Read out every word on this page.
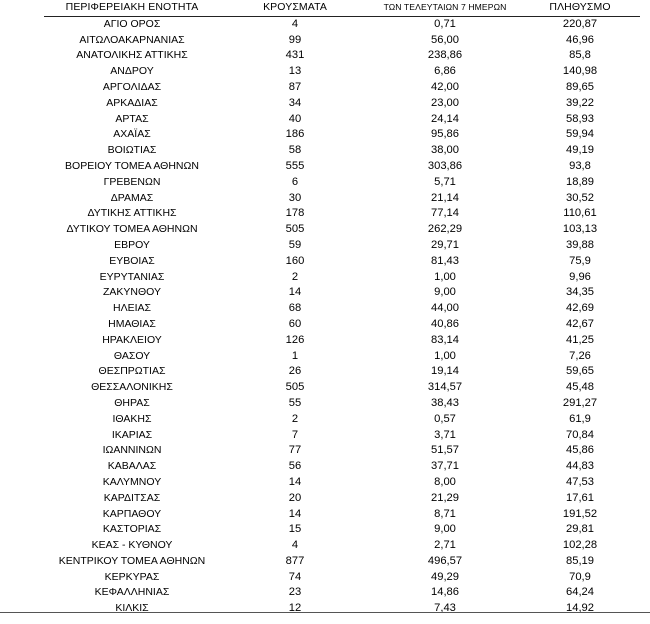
ΠΕΡΙΦΕΡΕΙΑΚΗ ΕΝΟΤΗΤΑ	ΚΡΟΥΣΜΑΤΑ	ΤΩΝ ΤΕΛΕΥΤΑΙΩΝ 7 ΗΜΕΡΩΝ	ΠΛΗΘΥΣΜΟ
ΑΓΙΟ ΟΡΟΣ	4	0,71	220,87
ΑΙΤΩΛΟΑΚΑΡΝΑΝΙΑΣ	99	56,00	46,96
ΑΝΑΤΟΛΙΚΗΣ ΑΤΤΙΚΗΣ	431	238,86	85,8
ΑΝΔΡΟΥ	13	6,86	140,98
ΑΡΓΟΛΙΔΑΣ	87	42,00	89,65
ΑΡΚΑΔΙΑΣ	34	23,00	39,22
ΑΡΤΑΣ	40	24,14	58,93
ΑΧΑΪΑΣ	186	95,86	59,94
ΒΟΙΩΤΙΑΣ	58	38,00	49,19
ΒΟΡΕΙΟΥ ΤΟΜΕΑ ΑΘΗΝΩΝ	555	303,86	93,8
ΓΡΕΒΕΝΩΝ	6	5,71	18,89
ΔΡΑΜΑΣ	30	21,14	30,52
ΔΥΤΙΚΗΣ ΑΤΤΙΚΗΣ	178	77,14	110,61
ΔΥΤΙΚΟΥ ΤΟΜΕΑ ΑΘΗΝΩΝ	505	262,29	103,13
ΕΒΡΟΥ	59	29,71	39,88
ΕΥΒΟΙΑΣ	160	81,43	75,9
ΕΥΡΥΤΑΝΙΑΣ	2	1,00	9,96
ΖΑΚΥΝΘΟΥ	14	9,00	34,35
ΗΛΕΙΑΣ	68	44,00	42,69
ΗΜΑΘΙΑΣ	60	40,86	42,67
ΗΡΑΚΛΕΙΟΥ	126	83,14	41,25
ΘΑΣΟΥ	1	1,00	7,26
ΘΕΣΠΡΩΤΙΑΣ	26	19,14	59,65
ΘΕΣΣΑΛΟΝΙΚΗΣ	505	314,57	45,48
ΘΗΡΑΣ	55	38,43	291,27
ΙΘΑΚΗΣ	2	0,57	61,9
ΙΚΑΡΙΑΣ	7	3,71	70,84
ΙΩΑΝΝΙΝΩΝ	77	51,57	45,86
ΚΑΒΑΛΑΣ	56	37,71	44,83
ΚΑΛΥΜΝΟΥ	14	8,00	47,53
ΚΑΡΔΙΤΣΑΣ	20	21,29	17,61
ΚΑΡΠΑΘΟΥ	14	8,71	191,52
ΚΑΣΤΟΡΙΑΣ	15	9,00	29,81
ΚΕΑΣ - ΚΥΘΝΟΥ	4	2,71	102,28
ΚΕΝΤΡΙΚΟΥ ΤΟΜΕΑ ΑΘΗΝΩΝ	877	496,57	85,19
ΚΕΡΚΥΡΑΣ	74	49,29	70,9
ΚΕΦΑΛΛΗΝΙΑΣ	23	14,86	64,24
ΚΙΛΚΙΣ	12	7,43	14,92
